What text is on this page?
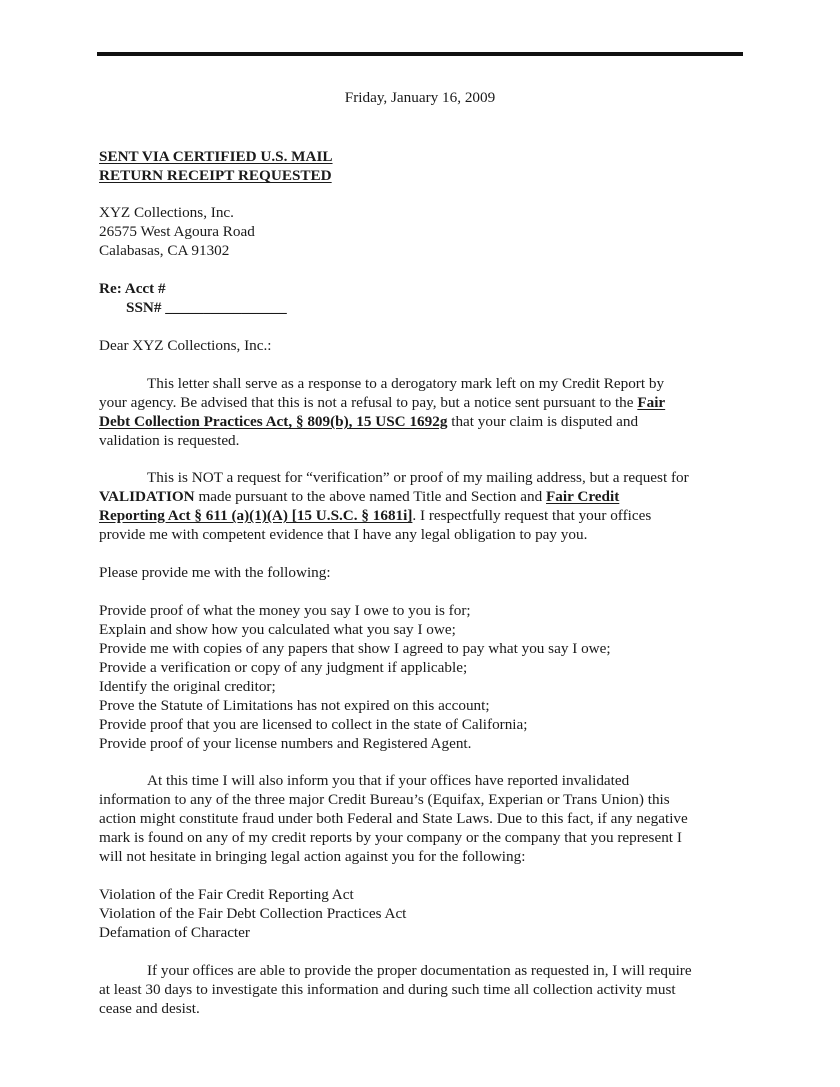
Friday, January 16, 2009
SENT VIA CERTIFIED U.S. MAIL
RETURN RECEIPT REQUESTED
XYZ Collections, Inc.
26575 West Agoura Road
Calabasas, CA 91302
Re: Acct #
SSN# ________________
Dear XYZ Collections, Inc.:
This letter shall serve as a response to a derogatory mark left on my Credit Report by
your agency. Be advised that this is not a refusal to pay, but a notice sent pursuant to the Fair
Debt Collection Practices Act, § 809(b), 15 USC 1692g that your claim is disputed and
validation is requested.
This is NOT a request for “verification” or proof of my mailing address, but a request for
VALIDATION made pursuant to the above named Title and Section and Fair Credit
Reporting Act § 611 (a)(1)(A) [15 U.S.C. § 1681i]. I respectfully request that your offices
provide me with competent evidence that I have any legal obligation to pay you.
Please provide me with the following:
Provide proof of what the money you say I owe to you is for;
Explain and show how you calculated what you say I owe;
Provide me with copies of any papers that show I agreed to pay what you say I owe;
Provide a verification or copy of any judgment if applicable;
Identify the original creditor;
Prove the Statute of Limitations has not expired on this account;
Provide proof that you are licensed to collect in the state of California;
Provide proof of your license numbers and Registered Agent.
At this time I will also inform you that if your offices have reported invalidated
information to any of the three major Credit Bureau’s (Equifax, Experian or Trans Union) this
action might constitute fraud under both Federal and State Laws. Due to this fact, if any negative
mark is found on any of my credit reports by your company or the company that you represent I
will not hesitate in bringing legal action against you for the following:
Violation of the Fair Credit Reporting Act
Violation of the Fair Debt Collection Practices Act
Defamation of Character
If your offices are able to provide the proper documentation as requested in, I will require
at least 30 days to investigate this information and during such time all collection activity must
cease and desist.
